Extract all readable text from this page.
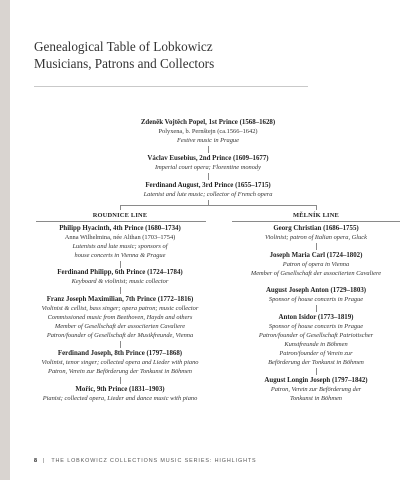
Genealogical Table of Lobkowicz
Musicians, Patrons and Collectors
Zdeněk Vojtěch Popel, 1st Prince (1568–1628)
Polyxena, b. Pernštejn (ca.1566–1642)
Festive music in Prague
Václav Eusebius, 2nd Prince (1609–1677)
Imperial court opera; Florentine monody
Ferdinand August, 3rd Prince (1655–1715)
Latenist and lute music; collector of French opera
ROUDNICE LINE
Philipp Hyacinth, 4th Prince (1680–1734)
Anna Wilhelmina, née Althan (1703–1754)
Lutenists and lute music; sponsors of
house concerts in Vienna & Prague
Ferdinand Philipp, 6th Prince (1724–1784)
Keyboard & violinist; music collector
Franz Joseph Maximilian, 7th Prince (1772–1816)
Violinist & cellist, bass singer; opera patron; music collector
Commissioned music from Beethoven, Haydn and others
Member of Gesellschaft der associierten Cavaliere
Patron/founder of Gesellschaft der Musikfreunde, Vienna
Ferdinand Joseph, 8th Prince (1797–1868)
Violinist, tenor singer; collected opera and Lieder with piano
Patron, Verein zur Beförderung der Tonkunst in Böhmen
Mořic, 9th Prince (1831–1903)
Pianist; collected opera, Lieder and dance music with piano
MĚLNÍK LINE
Georg Christian (1686–1755)
Violinist; patron of Italian opera, Gluck
Joseph Maria Carl (1724–1802)
Patron of opera in Vienna
Member of Gesellschaft der associierten Cavaliere
August Joseph Anton (1729–1803)
Sponsor of house concerts in Prague
Anton Isidor (1773–1819)
Sponsor of house concerts in Prague
Patron/founder of Gesellschaft Patriotischer
Kunstfreunde in Böhmen
Patron/founder of Verein zur
Beförderung der Tonkunst in Böhmen
August Longin Joseph (1797–1842)
Patron, Verein zur Beförderung der
Tonkunst in Böhmen
8 | THE LOBKOWICZ COLLECTIONS MUSIC SERIES: HIGHLIGHTS
